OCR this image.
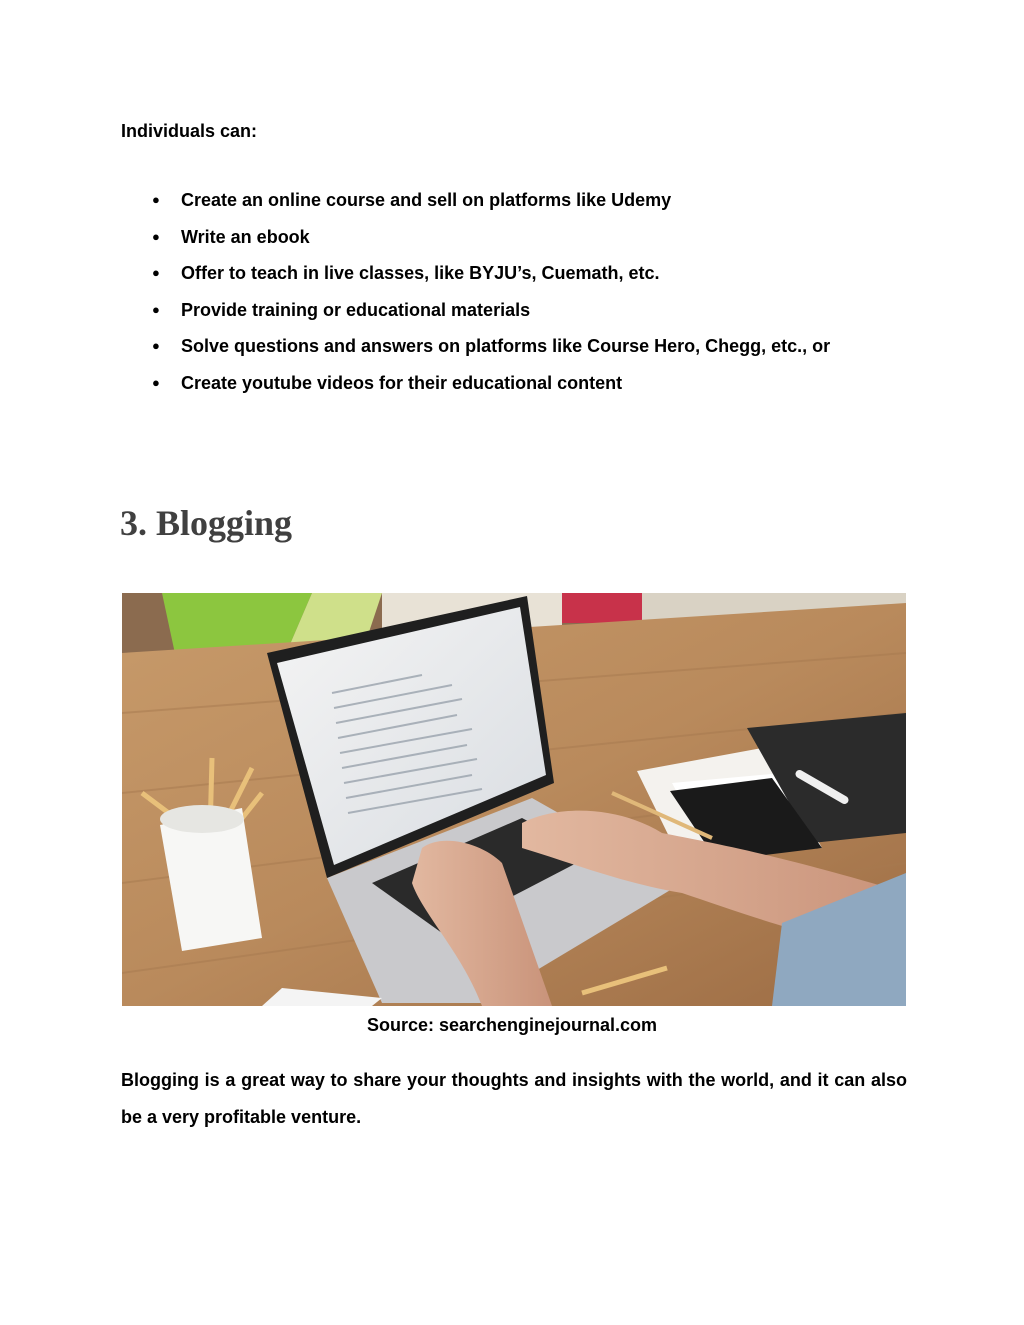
Individuals can:

● Create an online course and sell on platforms like Udemy
● Write an ebook
● Offer to teach in live classes, like BYJU’s, Cuemath, etc.
● Provide training or educational materials
● Solve questions and answers on platforms like Course Hero, Chegg, etc., or
● Create youtube videos for their educational content
3. Blogging

Source: searchenginejournal.com

Blogging is a great way to share your thoughts and insights with the world, and it can also be a very profitable venture.
